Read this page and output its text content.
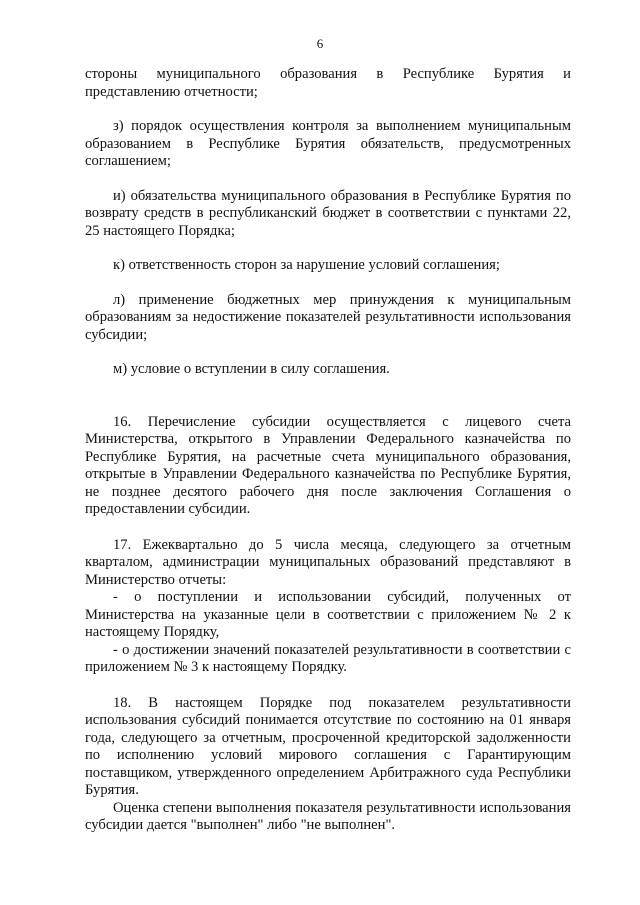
6

стороны муниципального образования в Республике Бурятия и представлению отчетности;

з) порядок осуществления контроля за выполнением муниципальным образованием в Республике Бурятия обязательств, предусмотренных соглашением;

и) обязательства муниципального образования в Республике Бурятия по возврату средств в республиканский бюджет в соответствии с пунктами 22, 25 настоящего Порядка;

к) ответственность сторон за нарушение условий соглашения;

л) применение бюджетных мер принуждения к муниципальным образованиям за недостижение показателей результативности использования субсидии;

м) условие о вступлении в силу соглашения.

16. Перечисление субсидии осуществляется с лицевого счета Министерства, открытого в Управлении Федерального казначейства по Республике Бурятия, на расчетные счета муниципального образования, открытые в Управлении Федерального казначейства по Республике Бурятия, не позднее десятого рабочего дня после заключения Соглашения о предоставлении субсидии.

17. Ежеквартально до 5 числа месяца, следующего за отчетным кварталом, администрации муниципальных образований представляют в Министерство отчеты:

- о поступлении и использовании субсидий, полученных от Министерства на указанные цели в соответствии с приложением № 2 к настоящему Порядку,

- о достижении значений показателей результативности в соответствии с приложением № 3 к настоящему Порядку.

18. В настоящем Порядке под показателем результативности использования субсидий понимается отсутствие по состоянию на 01 января года, следующего за отчетным, просроченной кредиторской задолженности по исполнению условий мирового соглашения с Гарантирующим поставщиком, утвержденного определением Арбитражного суда Республики Бурятия.

Оценка степени выполнения показателя результативности использования субсидии дается "выполнен" либо "не выполнен".
